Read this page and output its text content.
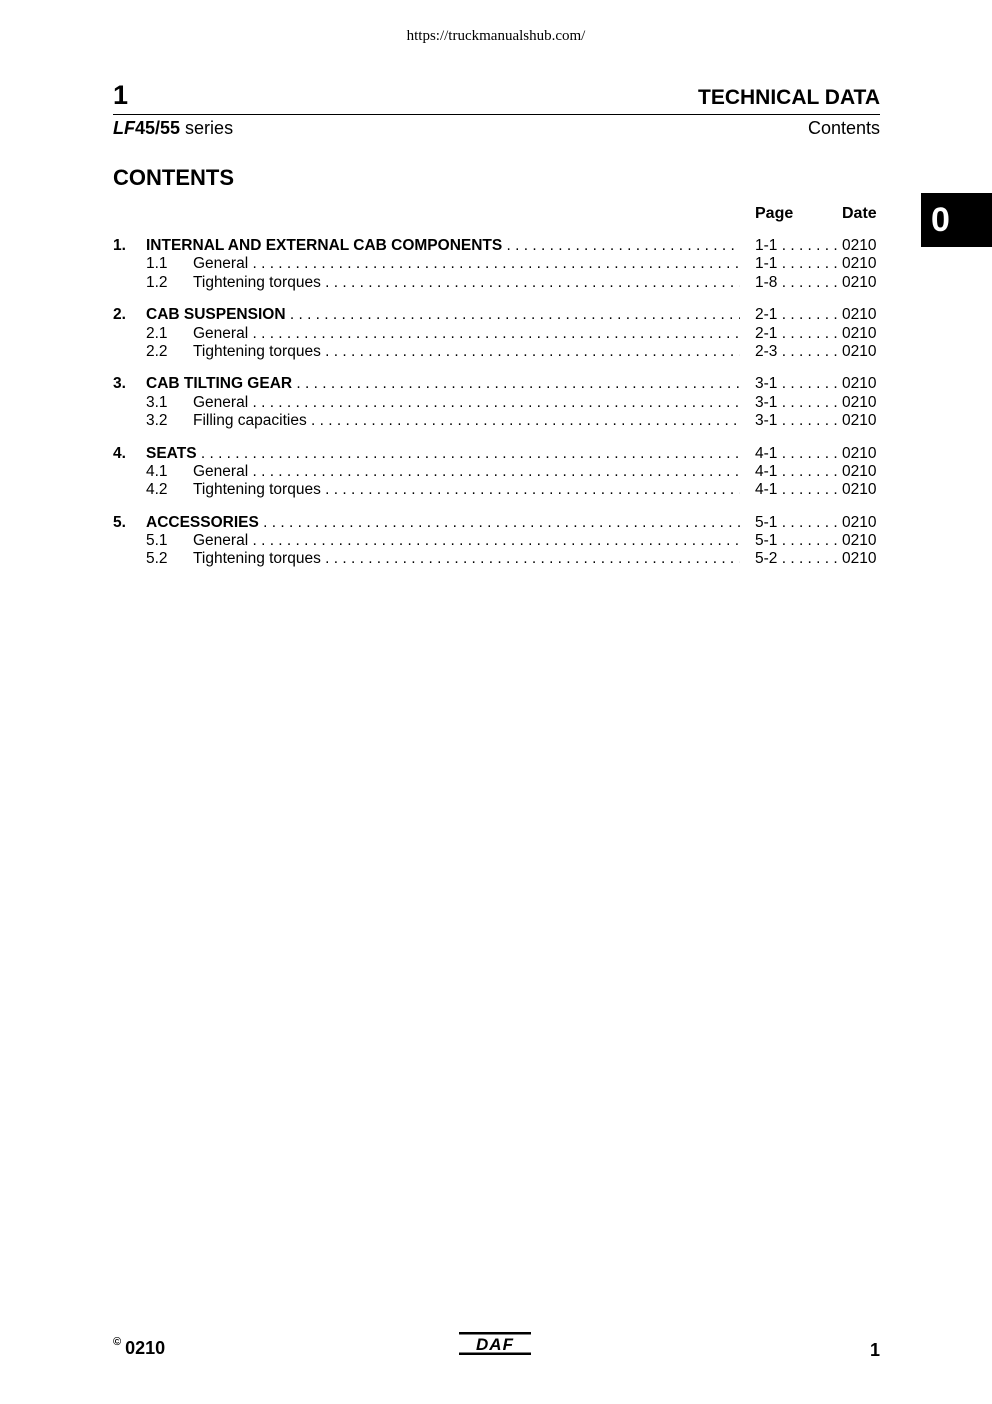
https://truckmanualshub.com/
1	TECHNICAL DATA
LF45/55 series	Contents
0
CONTENTS
Page	Date
1. INTERNAL AND EXTERNAL CAB COMPONENTS . . .	1-1 . . .	0210
1.1 General . . .	1-1 . . .	0210
1.2 Tightening torques . . .	1-8 . . .	0210
2. CAB SUSPENSION . . .	2-1 . . .	0210
2.1 General . . .	2-1 . . .	0210
2.2 Tightening torques . . .	2-3 . . .	0210
3. CAB TILTING GEAR . . .	3-1 . . .	0210
3.1 General . . .	3-1 . . .	0210
3.2 Filling capacities . . .	3-1 . . .	0210
4. SEATS . . .	4-1 . . .	0210
4.1 General . . .	4-1 . . .	0210
4.2 Tightening torques . . .	4-1 . . .	0210
5. ACCESSORIES . . .	5-1 . . .	0210
5.1 General . . .	5-1 . . .	0210
5.2 Tightening torques . . .	5-2 . . .	0210
© 0210	DAF	1
